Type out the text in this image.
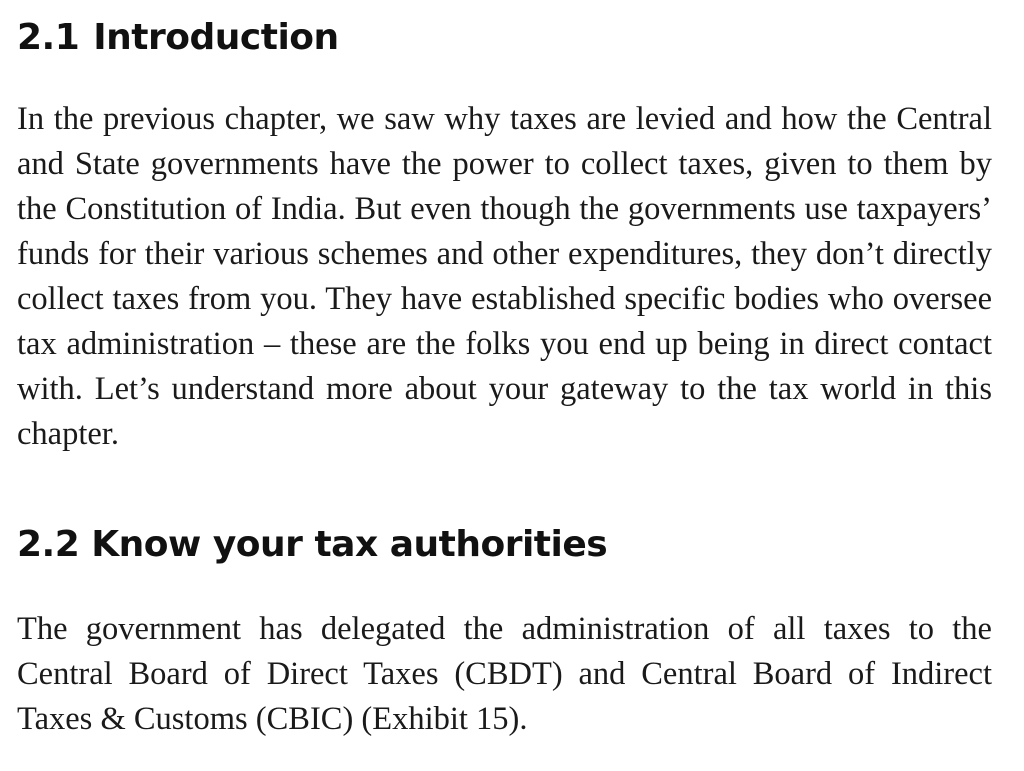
2.1 Introduction

In the previous chapter, we saw why taxes are levied and how the Central and State governments have the power to collect taxes, given to them by the Constitution of India. But even though the governments use taxpayers’ funds for their various schemes and other expenditures, they don’t directly collect taxes from you. They have established specific bodies who oversee tax administration – these are the folks you end up being in direct contact with. Let’s understand more about your gateway to the tax world in this chapter.

2.2 Know your tax authorities

The government has delegated the administration of all taxes to the Central Board of Direct Taxes (CBDT) and Central Board of Indirect Taxes & Customs (CBIC) (Exhibit 15).
